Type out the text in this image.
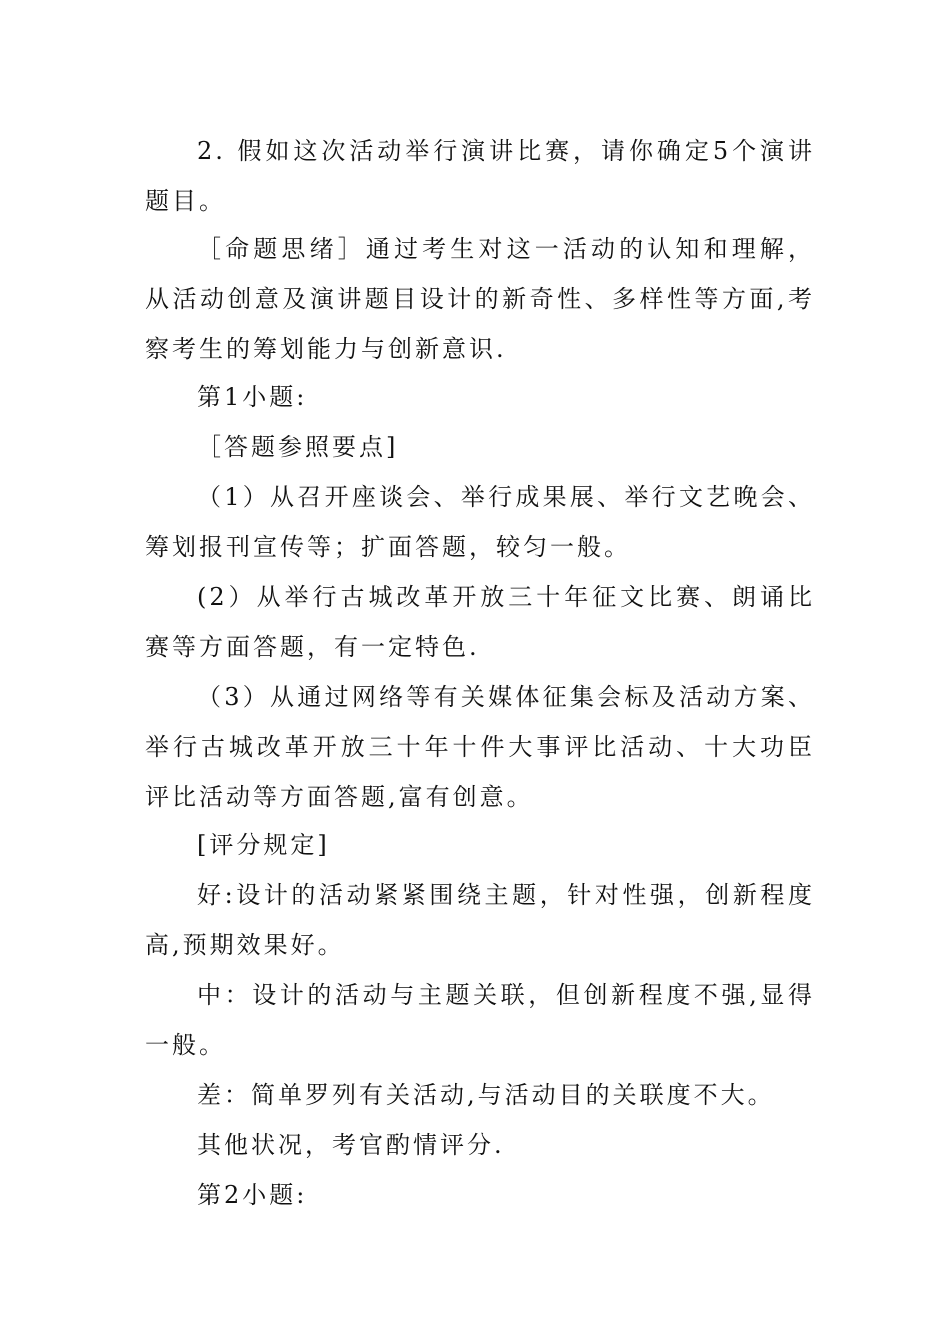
2. 假如这次活动举行演讲比赛，请你确定5个演讲题目。

［命题思绪］通过考生对这一活动的认知和理解，从活动创意及演讲题目设计的新奇性、多样性等方面,考察考生的筹划能力与创新意识.

第1小题:

［答题参照要点]

（1）从召开座谈会、举行成果展、举行文艺晚会、筹划报刊宣传等；扩面答题，较匀一般。

(2）从举行古城改革开放三十年征文比赛、朗诵比赛等方面答题，有一定特色.

（3）从通过网络等有关媒体征集会标及活动方案、举行古城改革开放三十年十件大事评比活动、十大功臣评比活动等方面答题,富有创意。

[评分规定]

好:设计的活动紧紧围绕主题，针对性强，创新程度高,预期效果好。

中：设计的活动与主题关联，但创新程度不强,显得一般。

差：简单罗列有关活动,与活动目的关联度不大。

其他状况，考官酌情评分.

第2小题:
